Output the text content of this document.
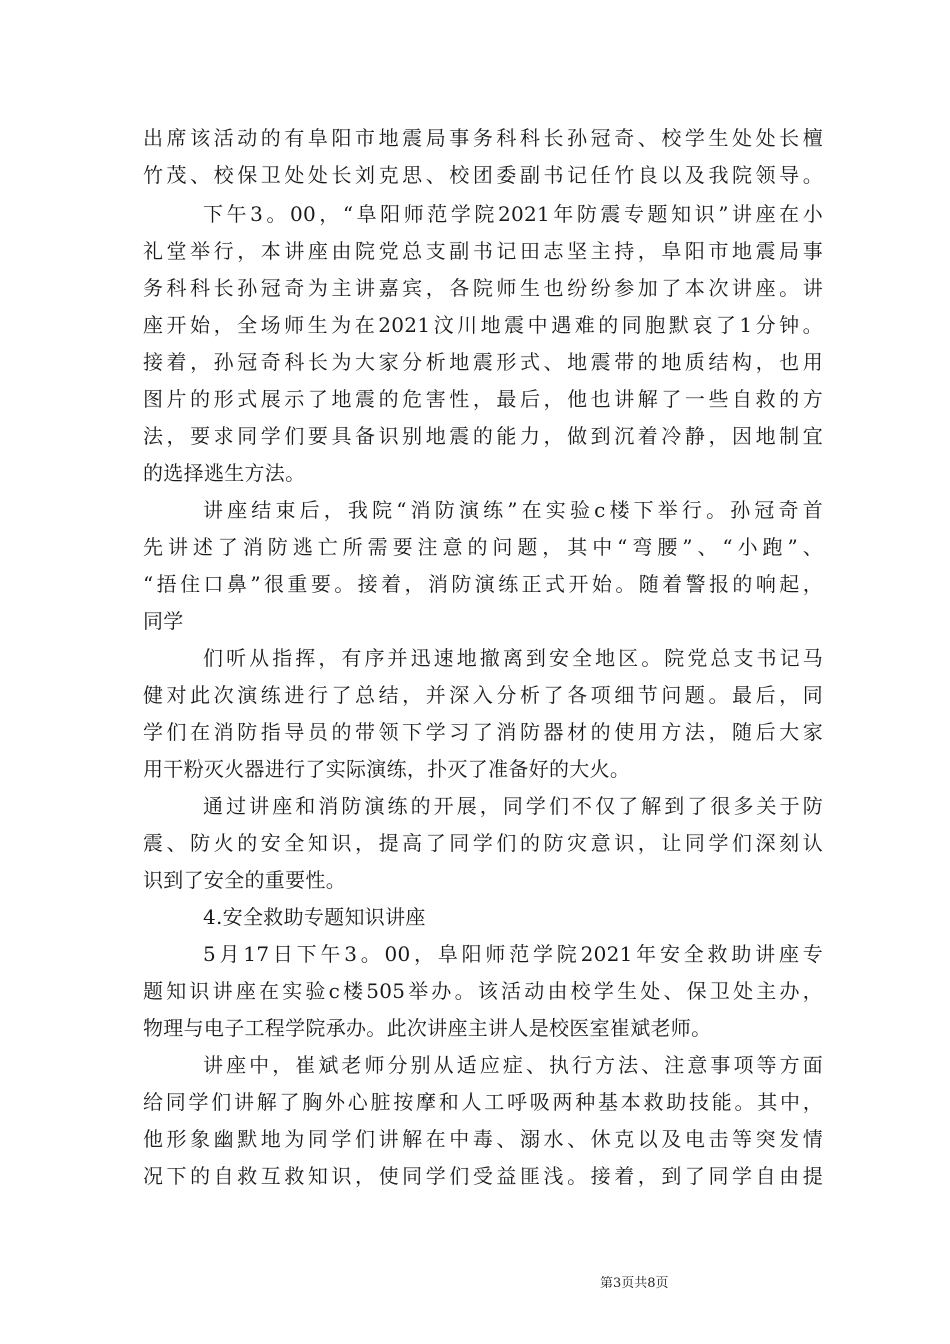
出席该活动的有阜阳市地震局事务科科长孙冠奇、校学生处处长檀
竹茂、校保卫处处长刘克思、校团委副书记任竹良以及我院领导。
下午3。00，“阜阳师范学院2021年防震专题知识”讲座在小
礼堂举行，本讲座由院党总支副书记田志坚主持，阜阳市地震局事
务科科长孙冠奇为主讲嘉宾，各院师生也纷纷参加了本次讲座。讲
座开始，全场师生为在2021汶川地震中遇难的同胞默哀了1分钟。
接着，孙冠奇科长为大家分析地震形式、地震带的地质结构，也用
图片的形式展示了地震的危害性，最后，他也讲解了一些自救的方
法，要求同学们要具备识别地震的能力，做到沉着冷静，因地制宜
的选择逃生方法。
讲座结束后，我院“消防演练”在实验c楼下举行。孙冠奇首
先讲述了消防逃亡所需要注意的问题，其中“弯腰”、“小跑”、
“捂住口鼻”很重要。接着，消防演练正式开始。随着警报的响起，
同学
们听从指挥，有序并迅速地撤离到安全地区。院党总支书记马
健对此次演练进行了总结，并深入分析了各项细节问题。最后，同
学们在消防指导员的带领下学习了消防器材的使用方法，随后大家
用干粉灭火器进行了实际演练，扑灭了准备好的大火。
通过讲座和消防演练的开展，同学们不仅了解到了很多关于防
震、防火的安全知识，提高了同学们的防灾意识，让同学们深刻认
识到了安全的重要性。
4.安全救助专题知识讲座
5月17日下午3。00，阜阳师范学院2021年安全救助讲座专
题知识讲座在实验c楼505举办。该活动由校学生处、保卫处主办，
物理与电子工程学院承办。此次讲座主讲人是校医室崔斌老师。
讲座中，崔斌老师分别从适应症、执行方法、注意事项等方面
给同学们讲解了胸外心脏按摩和人工呼吸两种基本救助技能。其中，
他形象幽默地为同学们讲解在中毒、溺水、休克以及电击等突发情
况下的自救互救知识，使同学们受益匪浅。接着，到了同学自由提
第3页共8页
